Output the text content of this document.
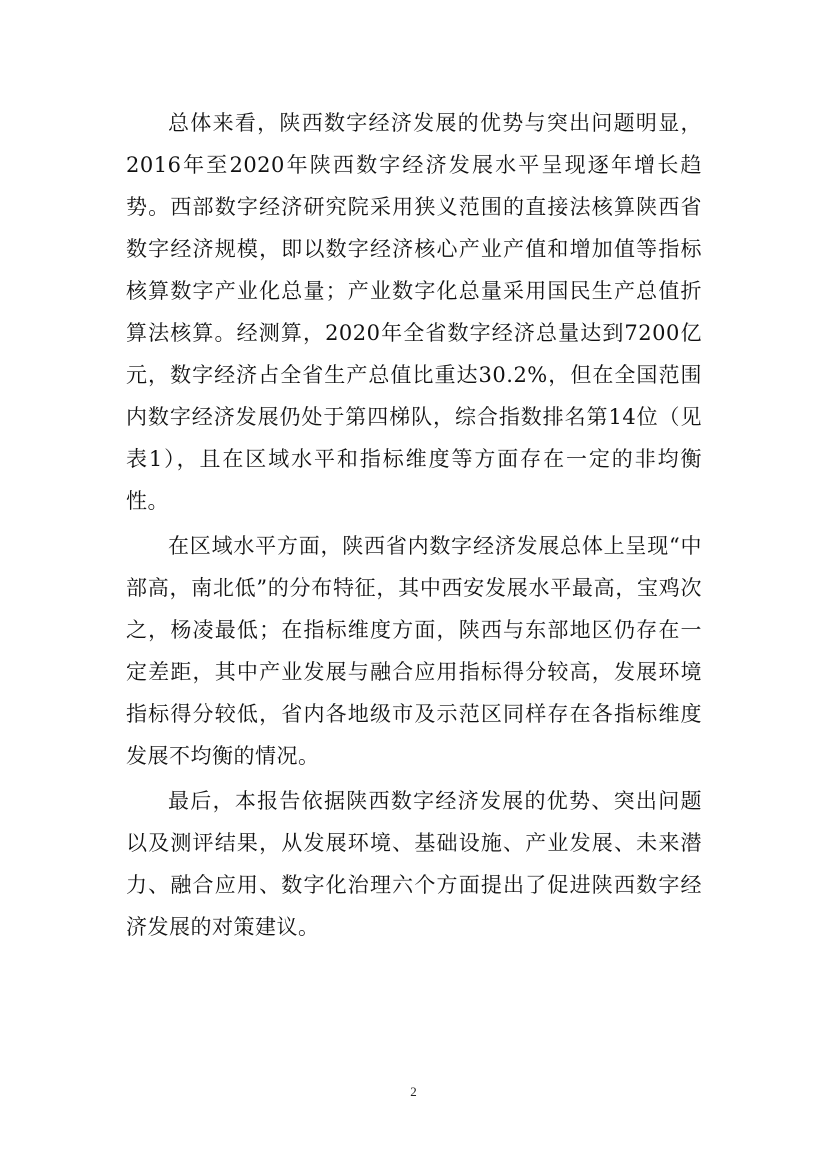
总体来看，陕西数字经济发展的优势与突出问题明显，2016年至2020年陕西数字经济发展水平呈现逐年增长趋势。西部数字经济研究院采用狭义范围的直接法核算陕西省数字经济规模，即以数字经济核心产业产值和增加值等指标核算数字产业化总量；产业数字化总量采用国民生产总值折算法核算。经测算，2020年全省数字经济总量达到7200亿元，数字经济占全省生产总值比重达30.2%，但在全国范围内数字经济发展仍处于第四梯队，综合指数排名第14位（见表1），且在区域水平和指标维度等方面存在一定的非均衡性。

在区域水平方面，陕西省内数字经济发展总体上呈现“中部高，南北低”的分布特征，其中西安发展水平最高，宝鸡次之，杨凌最低；在指标维度方面，陕西与东部地区仍存在一定差距，其中产业发展与融合应用指标得分较高，发展环境指标得分较低，省内各地级市及示范区同样存在各指标维度发展不均衡的情况。

最后，本报告依据陕西数字经济发展的优势、突出问题以及测评结果，从发展环境、基础设施、产业发展、未来潜力、融合应用、数字化治理六个方面提出了促进陕西数字经济发展的对策建议。

2
